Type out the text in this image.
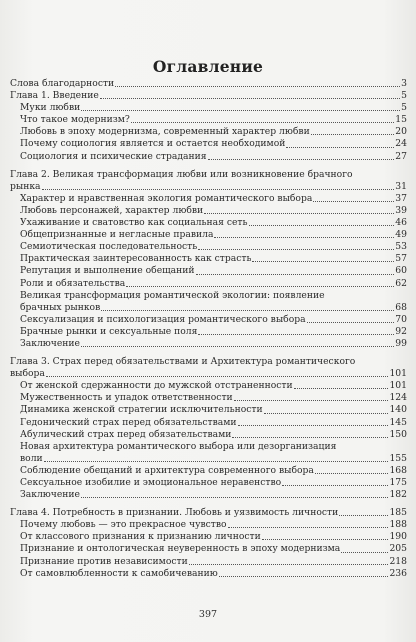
Оглавление
Слова благодарности	3
Глава 1. Введение	5
Муки любви	5
Что такое модернизм?	15
Любовь в эпоху модернизма, современный характер любви	20
Почему социология является и остается необходимой	24
Социология и психические страдания	27
Глава 2. Великая трансформация любви или возникновение брачного
рынка	31
Характер и нравственная экология романтического выбора	37
Любовь персонажей, характер любви	39
Ухаживание и сватовство как социальная сеть	46
Общепризнанные и негласные правила	49
Семиотическая последовательность	53
Практическая заинтересованность как страсть	57
Репутация и выполнение обещаний	60
Роли и обязательства	62
Великая трансформация романтической экологии: появление
брачных рынков	68
Сексуализация и психологизация романтического выбора	70
Брачные рынки и сексуальные поля	92
Заключение	99
Глава 3. Страх перед обязательствами и Архитектура романтического
выбора	101
От женской сдержанности до мужской отстраненности	101
Мужественность и упадок ответственности	124
Динамика женской стратегии исключительности	140
Гедонический страх перед обязательствами	145
Абулический страх перед обязательствами	150
Новая архитектура романтического выбора или дезорганизация
воли	155
Соблюдение обещаний и архитектура современного выбора	168
Сексуальное изобилие и эмоциональное неравенство	175
Заключение	182
Глава 4. Потребность в признании. Любовь и уязвимость личности	185
Почему любовь — это прекрасное чувство	188
От классового признания к признанию личности	190
Признание и онтологическая неуверенность в эпоху модернизма	205
Признание против независимости	218
От самовлюбленности к самобичеванию	236
397
